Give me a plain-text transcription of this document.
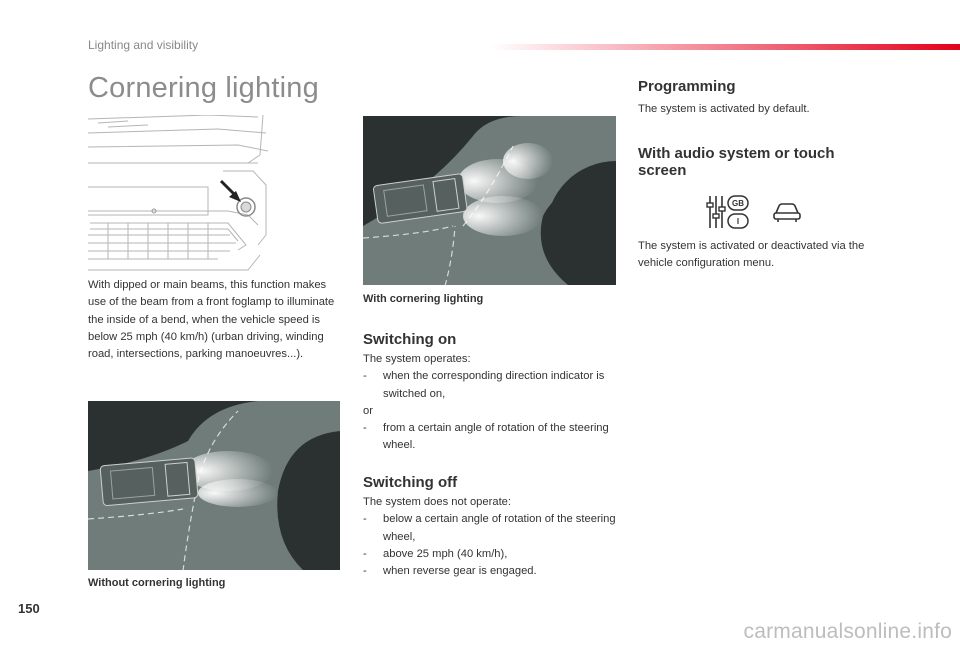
Lighting and visibility
Cornering lighting
With dipped or main beams, this function makes use of the beam from a front foglamp to illuminate the inside of a bend, when the vehicle speed is below 25 mph (40 km/h) (urban driving, winding road, intersections, parking manoeuvres...).
With cornering lighting
Switching on
The system operates:
- when the corresponding direction indicator is switched on,
or
- from a certain angle of rotation of the steering wheel.
Without cornering lighting
Switching off
The system does not operate:
- below a certain angle of rotation of the steering wheel,
- above 25 mph (40 km/h),
- when reverse gear is engaged.
Programming
The system is activated by default.
With audio system or touch screen
GB
I
The system is activated or deactivated via the vehicle configuration menu.
150
carmanualsonline.info
